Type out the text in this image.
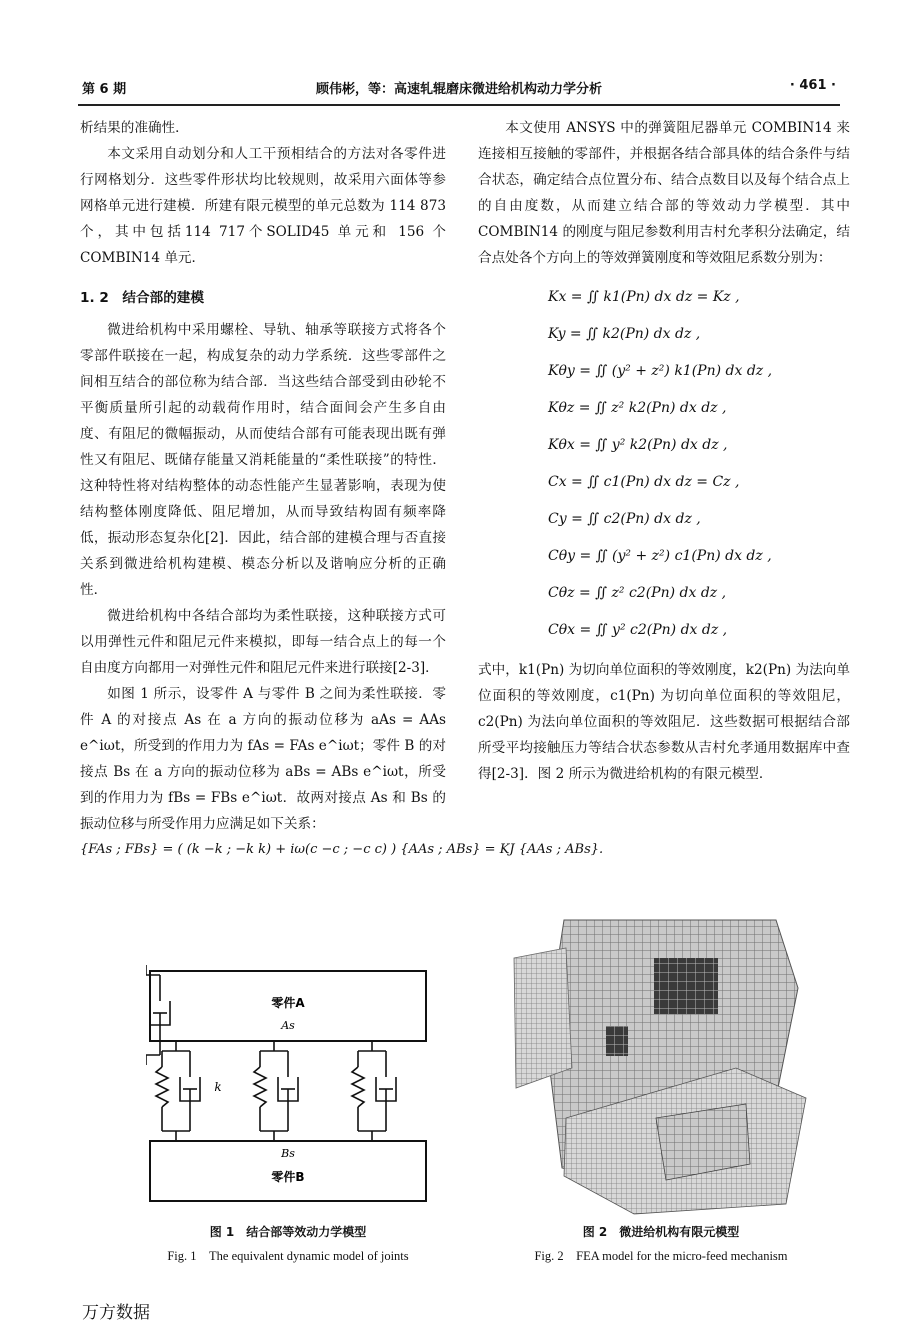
第 6 期	顾伟彬，等：高速轧辊磨床微进给机构动力学分析	· 461 ·

析结果的准确性．

本文采用自动划分和人工干预相结合的方法对各零件进行网格划分．这些零件形状均比较规则，故采用六面体等参网格单元进行建模．所建有限元模型的单元总数为 114 873 个，其中包括114 717个SOLID45 单元和 156 个 COMBIN14 单元．

1. 2　结合部的建模

微进给机构中采用螺栓、导轨、轴承等联接方式将各个零部件联接在一起，构成复杂的动力学系统．这些零部件之间相互结合的部位称为结合部．当这些结合部受到由砂轮不平衡质量所引起的动载荷作用时，结合面间会产生多自由度、有阻尼的微幅振动，从而使结合部有可能表现出既有弹性又有阻尼、既储存能量又消耗能量的“柔性联接”的特性．这种特性将对结构整体的动态性能产生显著影响，表现为使结构整体刚度降低、阻尼增加，从而导致结构固有频率降低，振动形态复杂化[2]．因此，结合部的建模合理与否直接关系到微进给机构建模、模态分析以及谐响应分析的正确性．

微进给机构中各结合部均为柔性联接，这种联接方式可以用弹性元件和阻尼元件来模拟，即每一结合点上的每一个自由度方向都用一对弹性元件和阻尼元件来进行联接[2-3]．

如图 1 所示，设零件 A 与零件 B 之间为柔性联接．零件 A 的对接点 As 在 a 方向的振动位移为 aAs = AAs e^iωt，所受到的作用力为 fAs = FAs e^iωt；零件 B 的对接点 Bs 在 a 方向的振动位移为 aBs = ABs e^iωt，所受到的作用力为 fBs = FBs e^iωt．故两对接点 As 和 Bs 的振动位移与所受作用力应满足如下关系：

{FAs ; FBs} = ( (k −k ; −k k) + iω(c −c ; −c c) ) {AAs ; ABs} = KJ {AAs ; ABs}.

本文使用 ANSYS 中的弹簧阻尼器单元 COMBIN14 来连接相互接触的零部件，并根据各结合部具体的结合条件与结合状态，确定结合点位置分布、结合点数目以及每个结合点上的自由度数，从而建立结合部的等效动力学模型．其中 COMBIN14 的刚度与阻尼参数利用吉村允孝积分法确定，结合点处各个方向上的等效弹簧刚度和等效阻尼系数分别为：

Kx = ∬ k1(Pn) dx dz = Kz ,
Ky = ∬ k2(Pn) dx dz ,
Kθy = ∬ (y² + z²) k1(Pn) dx dz ,
Kθz = ∬ z² k2(Pn) dx dz ,
Kθx = ∬ y² k2(Pn) dx dz ,
Cx = ∬ c1(Pn) dx dz = Cz ,
Cy = ∬ c2(Pn) dx dz ,
Cθy = ∬ (y² + z²) c1(Pn) dx dz ,
Cθz = ∬ z² c2(Pn) dx dz ,
Cθx = ∬ y² c2(Pn) dx dz ,

式中，k1(Pn) 为切向单位面积的等效刚度，k2(Pn) 为法向单位面积的等效刚度，c1(Pn) 为切向单位面积的等效阻尼，c2(Pn) 为法向单位面积的等效阻尼．这些数据可根据结合部所受平均接触压力等结合状态参数从吉村允孝通用数据库中查得[2-3]．图 2 所示为微进给机构的有限元模型．

零件A
零件B
As
Bs
k
图 1　结合部等效动力学模型
Fig. 1　The equivalent dynamic model of joints
图 2　微进给机构有限元模型
Fig. 2　FEA model for the micro-feed mechanism
万方数据
